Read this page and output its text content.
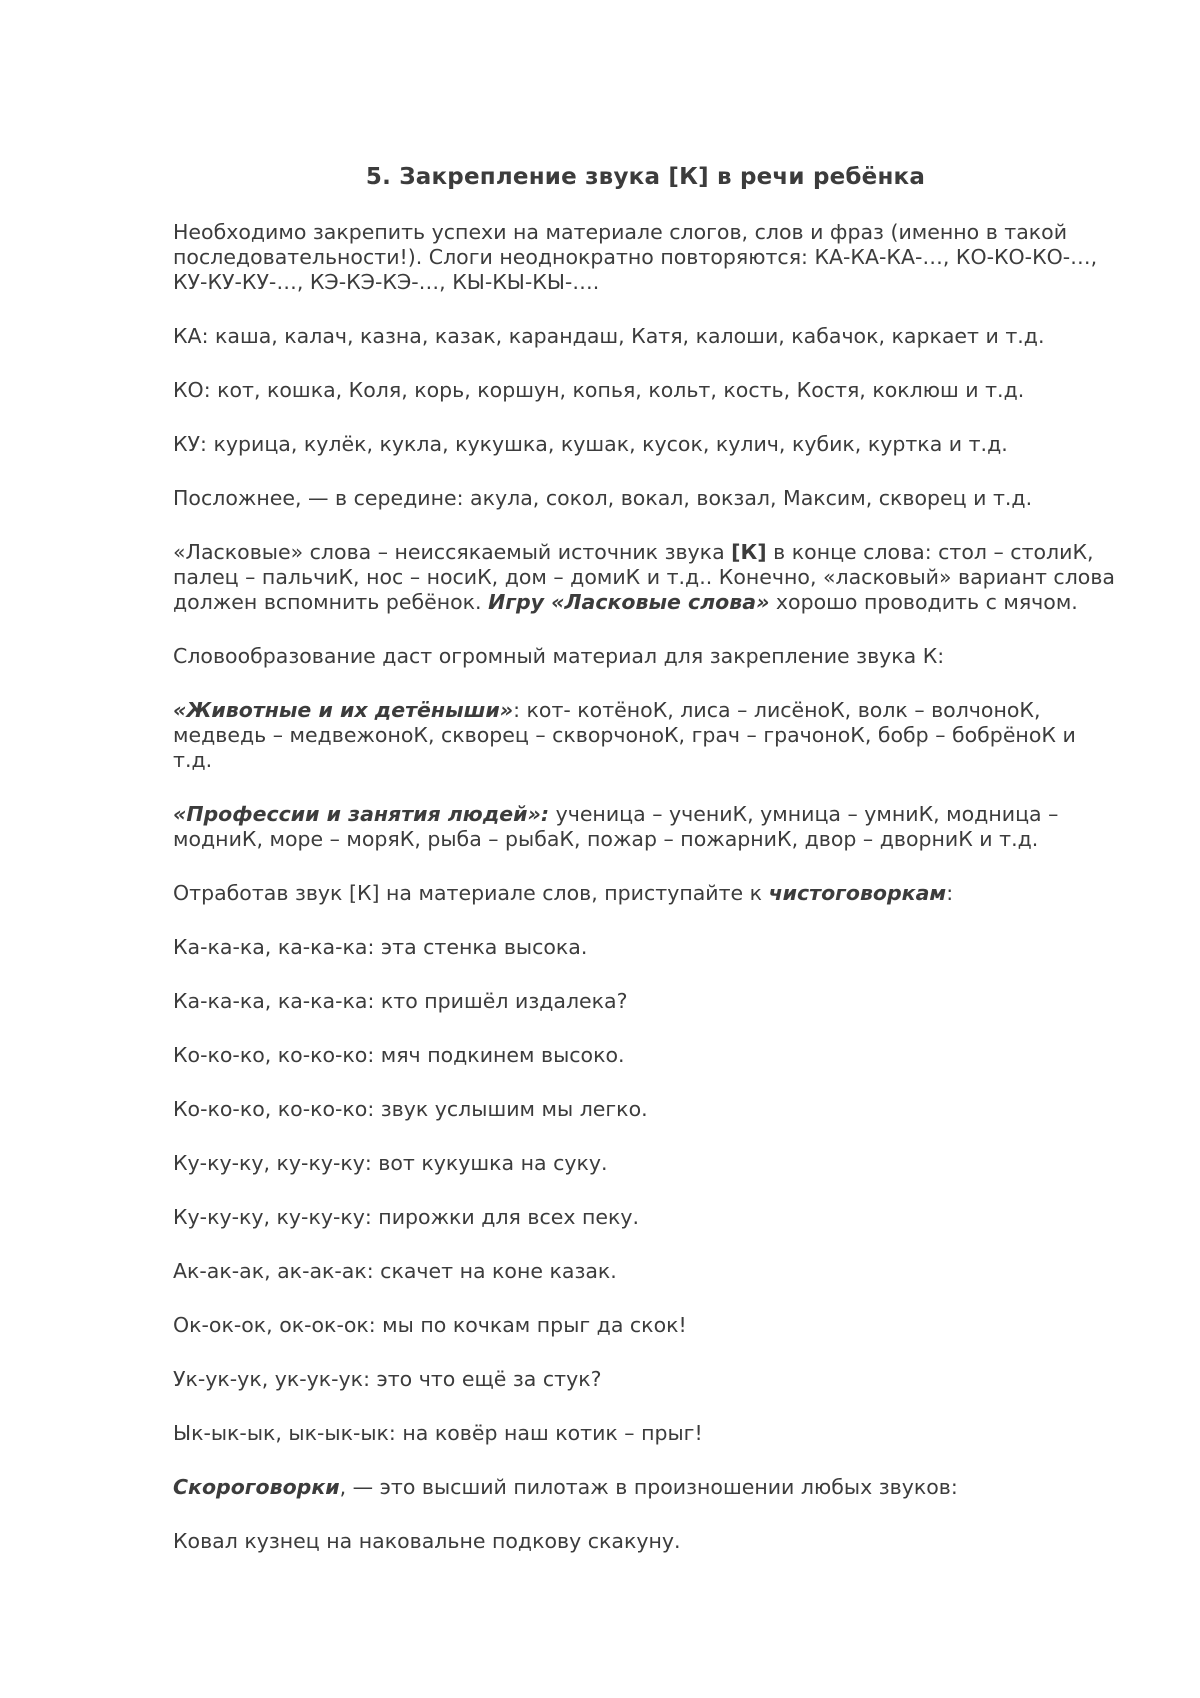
5. Закрепление звука [К] в речи ребёнка

Необходимо закрепить успехи на материале слогов, слов и фраз (именно в такой последовательности!). Слоги неоднократно повторяются: КА-КА-КА-…, КО-КО-КО-…, КУ-КУ-КУ-…, КЭ-КЭ-КЭ-…, КЫ-КЫ-КЫ-….

КА: каша, калач, казна, казак, карандаш, Катя, калоши, кабачок, каркает и т.д.

КО: кот, кошка, Коля, корь, коршун, копья, кольт, кость, Костя, коклюш и т.д.

КУ: курица, кулёк, кукла, кукушка, кушак, кусок, кулич, кубик, куртка и т.д.

Посложнее, — в середине: акула, сокол, вокал, вокзал, Максим, скворец и т.д.

«Ласковые» слова – неиссякаемый источник звука [К] в конце слова: стол – столиК, палец – пальчиК, нос – носиК, дом – домиК и т.д.. Конечно, «ласковый» вариант слова должен вспомнить ребёнок. Игру «Ласковые слова» хорошо проводить с мячом.

Словообразование даст огромный материал для закрепление звука К:

«Животные и их детёныши»: кот- котёноК, лиса – лисёноК, волк – волчоноК, медведь – медвежоноК, скворец – скворчоноК, грач – грачоноК, бобр – бобрёноК и т.д.

«Профессии и занятия людей»: ученица – учениК, умница – умниК, модница – модниК, море – моряК, рыба – рыбаК, пожар – пожарниК, двор – дворниК и т.д.

Отработав звук [К] на материале слов, приступайте к чистоговоркам:

Ка-ка-ка, ка-ка-ка: эта стенка высока.

Ка-ка-ка, ка-ка-ка: кто пришёл издалека?

Ко-ко-ко, ко-ко-ко: мяч подкинем высоко.

Ко-ко-ко, ко-ко-ко: звук услышим мы легко.

Ку-ку-ку, ку-ку-ку: вот кукушка на суку.

Ку-ку-ку, ку-ку-ку: пирожки для всех пеку.

Ак-ак-ак, ак-ак-ак: скачет на коне казак.

Ок-ок-ок, ок-ок-ок: мы по кочкам прыг да скок!

Ук-ук-ук, ук-ук-ук: это что ещё за стук?

Ык-ык-ык, ык-ык-ык: на ковёр наш котик – прыг!

Скороговорки, — это высший пилотаж в произношении любых звуков:

Ковал кузнец на наковальне подкову скакуну.
